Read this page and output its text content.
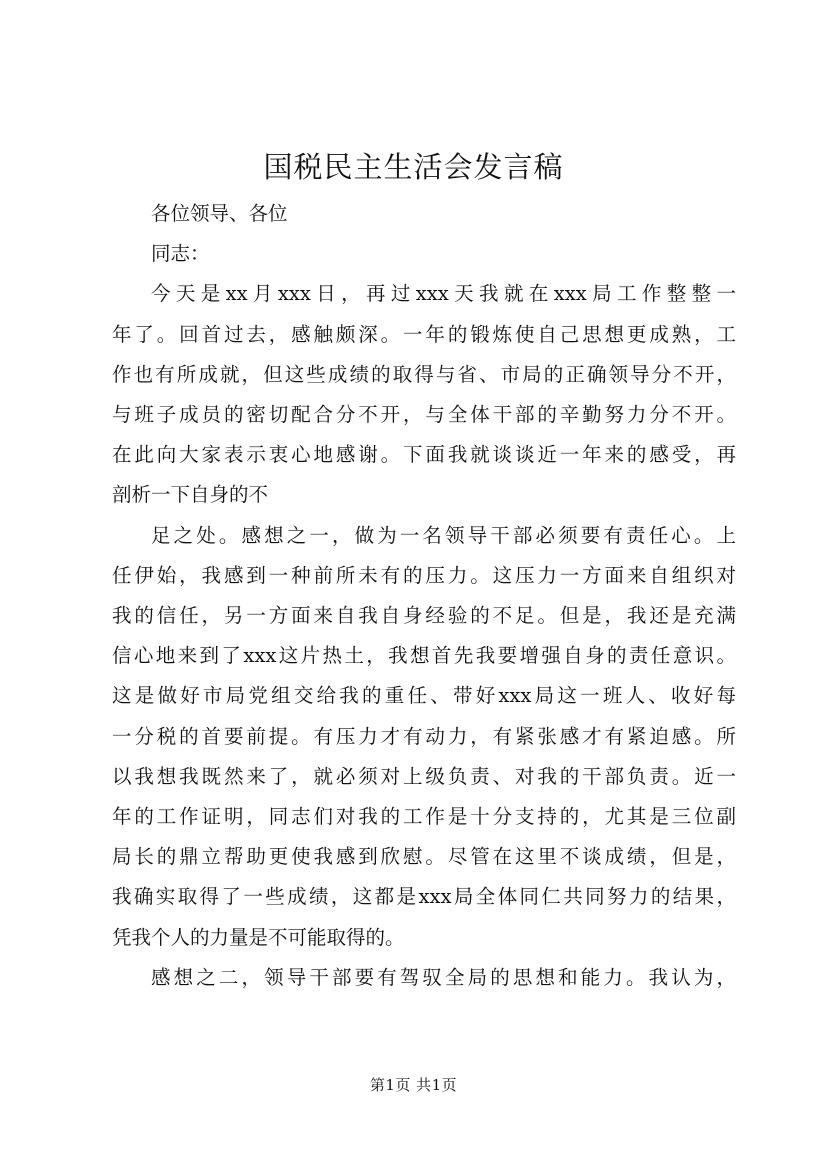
国税民主生活会发言稿

各位领导、各位

同志：

今天是xx月xxx日，再过xxx天我就在xxx局工作整整一
年了。回首过去，感触颇深。一年的锻炼使自己思想更成熟，工
作也有所成就，但这些成绩的取得与省、市局的正确领导分不开，
与班子成员的密切配合分不开，与全体干部的辛勤努力分不开。
在此向大家表示衷心地感谢。下面我就谈谈近一年来的感受，再
剖析一下自身的不
足之处。感想之一，做为一名领导干部必须要有责任心。上
任伊始，我感到一种前所未有的压力。这压力一方面来自组织对
我的信任，另一方面来自我自身经验的不足。但是，我还是充满
信心地来到了xxx这片热土，我想首先我要增强自身的责任意识。
这是做好市局党组交给我的重任、带好xxx局这一班人、收好每
一分税的首要前提。有压力才有动力，有紧张感才有紧迫感。所
以我想我既然来了，就必须对上级负责、对我的干部负责。近一
年的工作证明，同志们对我的工作是十分支持的，尤其是三位副
局长的鼎立帮助更使我感到欣慰。尽管在这里不谈成绩，但是，
我确实取得了一些成绩，这都是xxx局全体同仁共同努力的结果，
凭我个人的力量是不可能取得的。
感想之二，领导干部要有驾驭全局的思想和能力。我认为，
第1页 共1页
